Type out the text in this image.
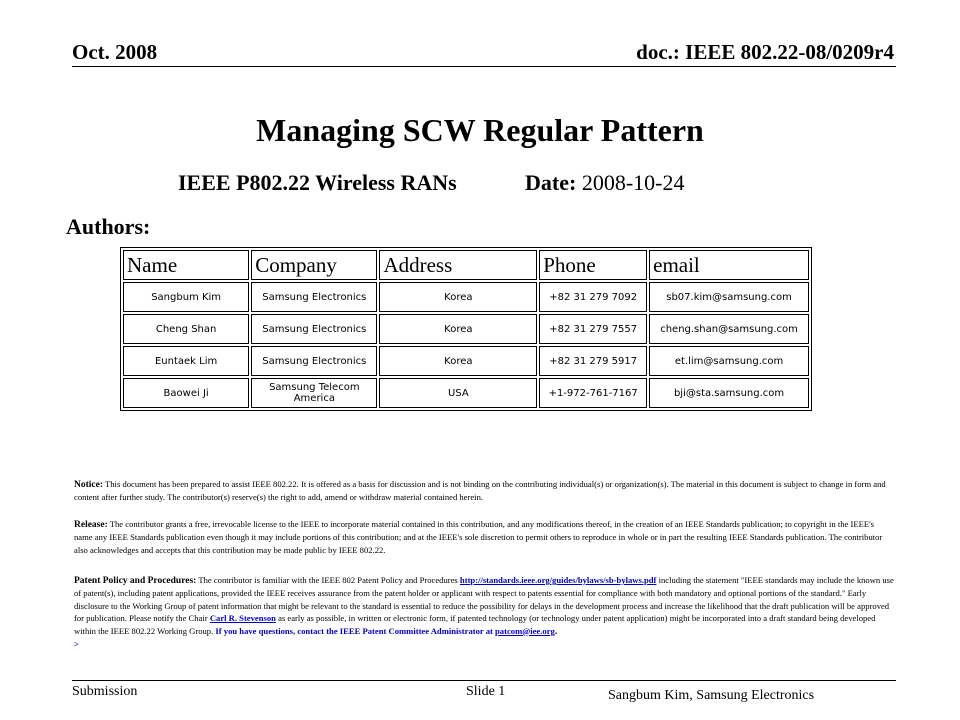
Oct. 2008	doc.: IEEE 802.22-08/0209r4
Managing SCW Regular Pattern
IEEE P802.22 Wireless RANs	Date: 2008-10-24
Authors:
Name	Company	Address	Phone	email
Sangbum Kim	Samsung Electronics	Korea	+82 31 279 7092	sb07.kim@samsung.com
Cheng Shan	Samsung Electronics	Korea	+82 31 279 7557	cheng.shan@samsung.com
Euntaek Lim	Samsung Electronics	Korea	+82 31 279 5917	et.lim@samsung.com
Baowei Ji	Samsung Telecom America	USA	+1-972-761-7167	bji@sta.samsung.com
Notice: This document has been prepared to assist IEEE 802.22. It is offered as a basis for discussion and is not binding on the contributing individual(s) or organization(s). The material in this document is subject to change in form and content after further study. The contributor(s) reserve(s) the right to add, amend or withdraw material contained herein.
Release: The contributor grants a free, irrevocable license to the IEEE to incorporate material contained in this contribution, and any modifications thereof, in the creation of an IEEE Standards publication; to copyright in the IEEE's name any IEEE Standards publication even though it may include portions of this contribution; and at the IEEE's sole discretion to permit others to reproduce in whole or in part the resulting IEEE Standards publication. The contributor also acknowledges and accepts that this contribution may be made public by IEEE 802.22.
Patent Policy and Procedures: The contributor is familiar with the IEEE 802 Patent Policy and Procedures http://standards.ieee.org/guides/bylaws/sb-bylaws.pdf including the statement "IEEE standards may include the known use of patent(s), including patent applications, provided the IEEE receives assurance from the patent holder or applicant with respect to patents essential for compliance with both mandatory and optional portions of the standard." Early disclosure to the Working Group of patent information that might be relevant to the standard is essential to reduce the possibility for delays in the development process and increase the likelihood that the draft publication will be approved for publication. Please notify the Chair Carl R. Stevenson as early as possible, in written or electronic form, if patented technology (or technology under patent application) might be incorporated into a draft standard being developed within the IEEE 802.22 Working Group. If you have questions, contact the IEEE Patent Committee Administrator at patcom@iee.org.
>
Submission	Slide 1	Sangbum Kim, Samsung Electronics
